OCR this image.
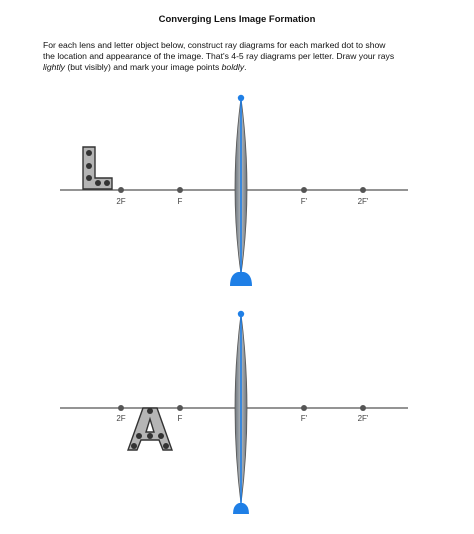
Converging Lens Image Formation
For each lens and letter object below, construct ray diagrams for each marked dot to show
the location and appearance of the image. That's 4-5 ray diagrams per letter. Draw your rays
lightly (but visibly) and mark your image points boldly.
2F	F	F'	2F'
2F	F	F'	2F'
